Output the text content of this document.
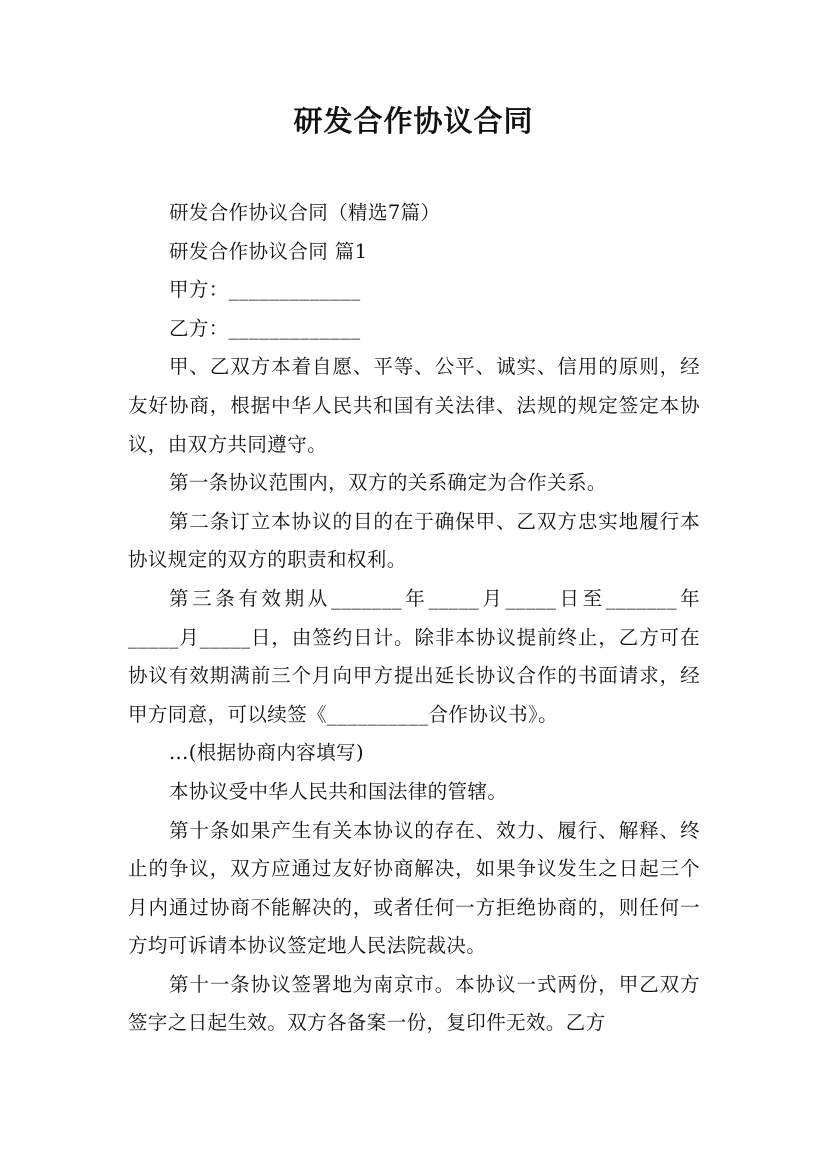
研发合作协议合同

研发合作协议合同（精选7篇）

研发合作协议合同 篇1

甲方：_____________

乙方：_____________

甲、乙双方本着自愿、平等、公平、诚实、信用的原则，经友好协商，根据中华人民共和国有关法律、法规的规定签定本协议，由双方共同遵守。

第一条协议范围内，双方的关系确定为合作关系。

第二条订立本协议的目的在于确保甲、乙双方忠实地履行本协议规定的双方的职责和权利。

第三条有效期从_______年_____月_____日至_______年_____月_____日，由签约日计。除非本协议提前终止，乙方可在协议有效期满前三个月向甲方提出延长协议合作的书面请求，经甲方同意，可以续签《__________合作协议书》。

...(根据协商内容填写)

本协议受中华人民共和国法律的管辖。

第十条如果产生有关本协议的存在、效力、履行、解释、终止的争议，双方应通过友好协商解决，如果争议发生之日起三个月内通过协商不能解决的，或者任何一方拒绝协商的，则任何一方均可诉请本协议签定地人民法院裁决。

第十一条协议签署地为南京市。本协议一式两份，甲乙双方签字之日起生效。双方各备案一份，复印件无效。乙方
